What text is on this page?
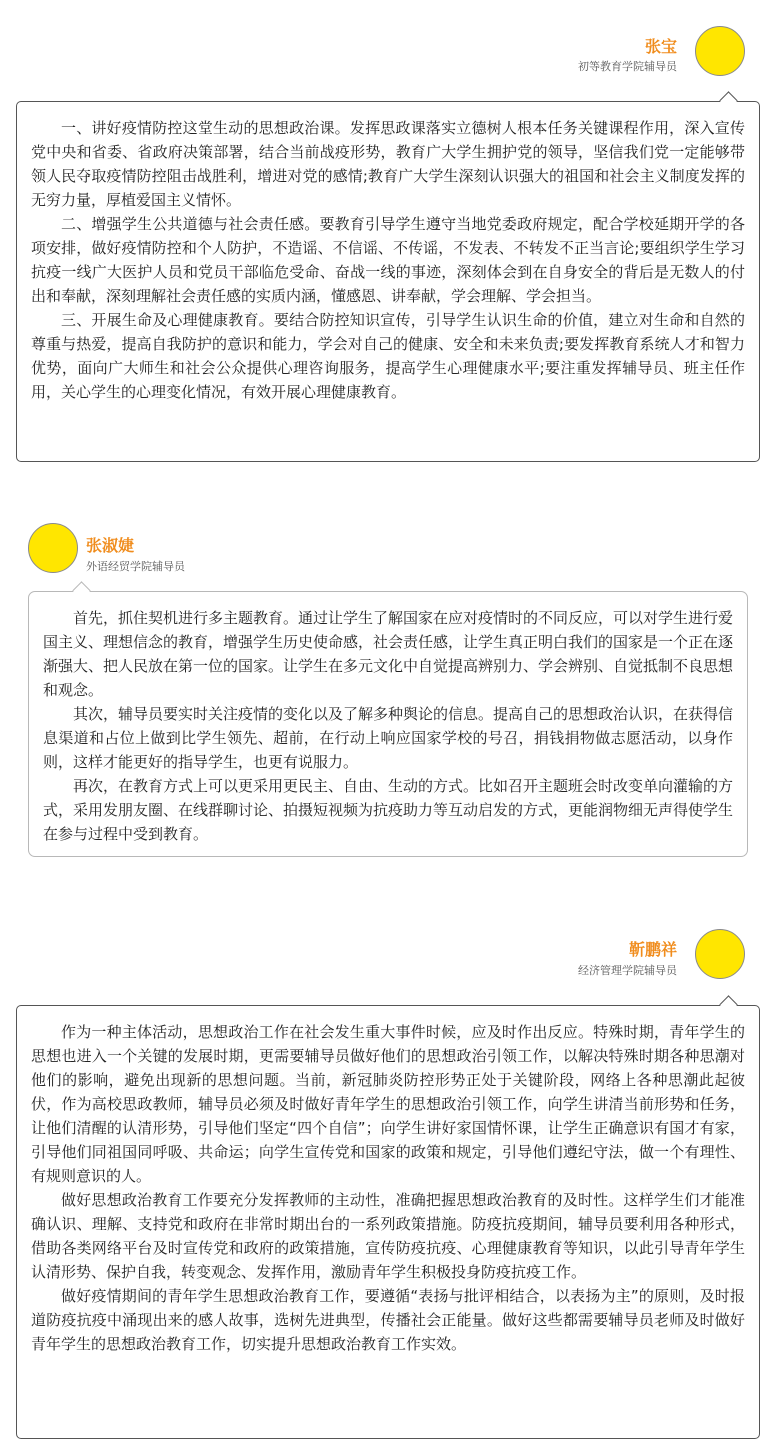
张宝
初等教育学院辅导员

一、讲好疫情防控这堂生动的思想政治课。发挥思政课落实立德树人根本任务关键课程作用，深入宣传党中央和省委、省政府决策部署，结合当前战疫形势，教育广大学生拥护党的领导，坚信我们党一定能够带领人民夺取疫情防控阻击战胜利，增进对党的感情;教育广大学生深刻认识强大的祖国和社会主义制度发挥的无穷力量，厚植爱国主义情怀。

二、增强学生公共道德与社会责任感。要教育引导学生遵守当地党委政府规定，配合学校延期开学的各项安排，做好疫情防控和个人防护，不造谣、不信谣、不传谣，不发表、不转发不正当言论;要组织学生学习抗疫一线广大医护人员和党员干部临危受命、奋战一线的事迹，深刻体会到在自身安全的背后是无数人的付出和奉献，深刻理解社会责任感的实质内涵，懂感恩、讲奉献，学会理解、学会担当。

三、开展生命及心理健康教育。要结合防控知识宣传，引导学生认识生命的价值，建立对生命和自然的尊重与热爱，提高自我防护的意识和能力，学会对自己的健康、安全和未来负责;要发挥教育系统人才和智力优势，面向广大师生和社会公众提供心理咨询服务，提高学生心理健康水平;要注重发挥辅导员、班主任作用，关心学生的心理变化情况，有效开展心理健康教育。

张淑婕
外语经贸学院辅导员

首先，抓住契机进行多主题教育。通过让学生了解国家在应对疫情时的不同反应，可以对学生进行爱国主义、理想信念的教育，增强学生历史使命感，社会责任感，让学生真正明白我们的国家是一个正在逐渐强大、把人民放在第一位的国家。让学生在多元文化中自觉提高辨别力、学会辨别、自觉抵制不良思想和观念。

其次，辅导员要实时关注疫情的变化以及了解多种舆论的信息。提高自己的思想政治认识，在获得信息渠道和占位上做到比学生领先、超前，在行动上响应国家学校的号召，捐钱捐物做志愿活动，以身作则，这样才能更好的指导学生，也更有说服力。

再次，在教育方式上可以更采用更民主、自由、生动的方式。比如召开主题班会时改变单向灌输的方式，采用发朋友圈、在线群聊讨论、拍摄短视频为抗疫助力等互动启发的方式，更能润物细无声得使学生在参与过程中受到教育。

靳鹏祥
经济管理学院辅导员

作为一种主体活动，思想政治工作在社会发生重大事件时候，应及时作出反应。特殊时期，青年学生的思想也进入一个关键的发展时期，更需要辅导员做好他们的思想政治引领工作，以解决特殊时期各种思潮对他们的影响，避免出现新的思想问题。当前，新冠肺炎防控形势正处于关键阶段，网络上各种思潮此起彼伏，作为高校思政教师，辅导员必须及时做好青年学生的思想政治引领工作，向学生讲清当前形势和任务，让他们清醒的认清形势，引导他们坚定“四个自信”；向学生讲好家国情怀课，让学生正确意识有国才有家，引导他们同祖国同呼吸、共命运；向学生宣传党和国家的政策和规定，引导他们遵纪守法，做一个有理性、有规则意识的人。

做好思想政治教育工作要充分发挥教师的主动性，准确把握思想政治教育的及时性。这样学生们才能准确认识、理解、支持党和政府在非常时期出台的一系列政策措施。防疫抗疫期间，辅导员要利用各种形式，借助各类网络平台及时宣传党和政府的政策措施，宣传防疫抗疫、心理健康教育等知识，以此引导青年学生认清形势、保护自我，转变观念、发挥作用，激励青年学生积极投身防疫抗疫工作。

做好疫情期间的青年学生思想政治教育工作，要遵循“表扬与批评相结合，以表扬为主”的原则，及时报道防疫抗疫中涌现出来的感人故事，选树先进典型，传播社会正能量。做好这些都需要辅导员老师及时做好青年学生的思想政治教育工作，切实提升思想政治教育工作实效。
